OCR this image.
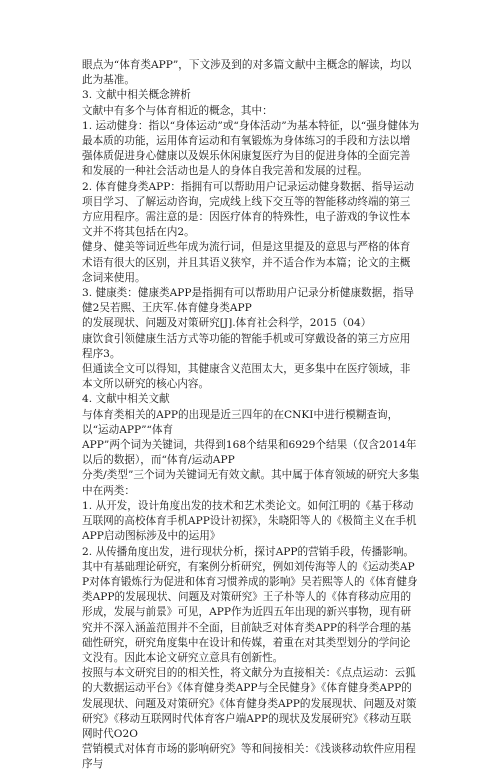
眼点为“体育类APP”，下文涉及到的对多篇文献中主概念的解读，均以此为基准。

3. 文献中相关概念辨析

文献中有多个与体育相近的概念，其中：

1. 运动健身：指以“身体运动”或“身体活动”为基本特征，以“强身健体为最本质的功能，运用体育运动和有氧锻炼为身体练习的手段和方法以增强体质促进身心健康以及娱乐休闲康复医疗为目的促进身体的全面完善和发展的一种社会活动也是人的身体自我完善和发展的过程。

2. 体育健身类APP：指拥有可以帮助用户记录运动健身数据、指导运动项目学习、了解运动咨询，完成线上线下交互等的智能移动终端的第三方应用程序。需注意的是：因医疗体育的特殊性，电子游戏的争议性本文并不将其包括在内2。

健身、健美等词近些年成为流行词，但是这里提及的意思与严格的体育术语有很大的区别，并且其语义狭窄，并不适合作为本篇；论文的主概念词来使用。

3. 健康类：健康类APP是指拥有可以帮助用户记录分析健康数据，指导健2吴若熙、王庆军.体育健身类APP

的发展现状、问题及对策研究[J].体育社会科学，2015（04）

康饮食引领健康生活方式等功能的智能手机或可穿戴设备的第三方应用程序3。

但通读全文可以得知，其健康含义范围太大，更多集中在医疗领域，非本文所以研究的核心内容。

4. 文献中相关文献

与体育类相关的APP的出现是近三四年的在CNKI中进行模糊查询，以“运动APP”“体育

APP”两个词为关键词，共得到168个结果和6929个结果（仅含2014年以后的数据），而“体育/运动APP

分类/类型”三个词为关键词无有效文献。其中属于体育领域的研究大多集中在两类：

1. 从开发，设计角度出发的技术和艺术类论文。如何江明的《基于移动互联网的高校体育手机APP设计初探》，朱晓阳等人的《极简主义在手机APP启动图标涉及中的运用》

2. 从传播角度出发，进行现状分析，探讨APP的营销手段，传播影响。其中有基础理论研究，有案例分析研究，例如刘传海等人的《运动类APP对体育锻炼行为促进和体育习惯养成的影响》吴若熙等人的《体育健身类APP的发展现状、问题及对策研究》王子朴等人的《体育移动应用的形成，发展与前景》可见，APP作为近四五年出现的新兴事物，现有研究并不深入涵盖范围并不全面，目前缺乏对体育类APP的科学合理的基础性研究，研究角度集中在设计和传媒，着重在对其类型划分的学问论文没有。因此本论文研究立意具有创新性。

按照与本文研究目的的相关性，将文献分为直接相关：《点点运动：云狐的大数据运动平台》《体育健身类APP与全民健身》《体育健身类APP的发展现状、问题及对策研究》《体育健身类APP的发展现状、问题及对策研究》《移动互联网时代体育客户端APP的现状及发展研究》《移动互联网时代O2O

营销模式对体育市场的影响研究》等和间接相关：《浅谈移动软件应用程序与
